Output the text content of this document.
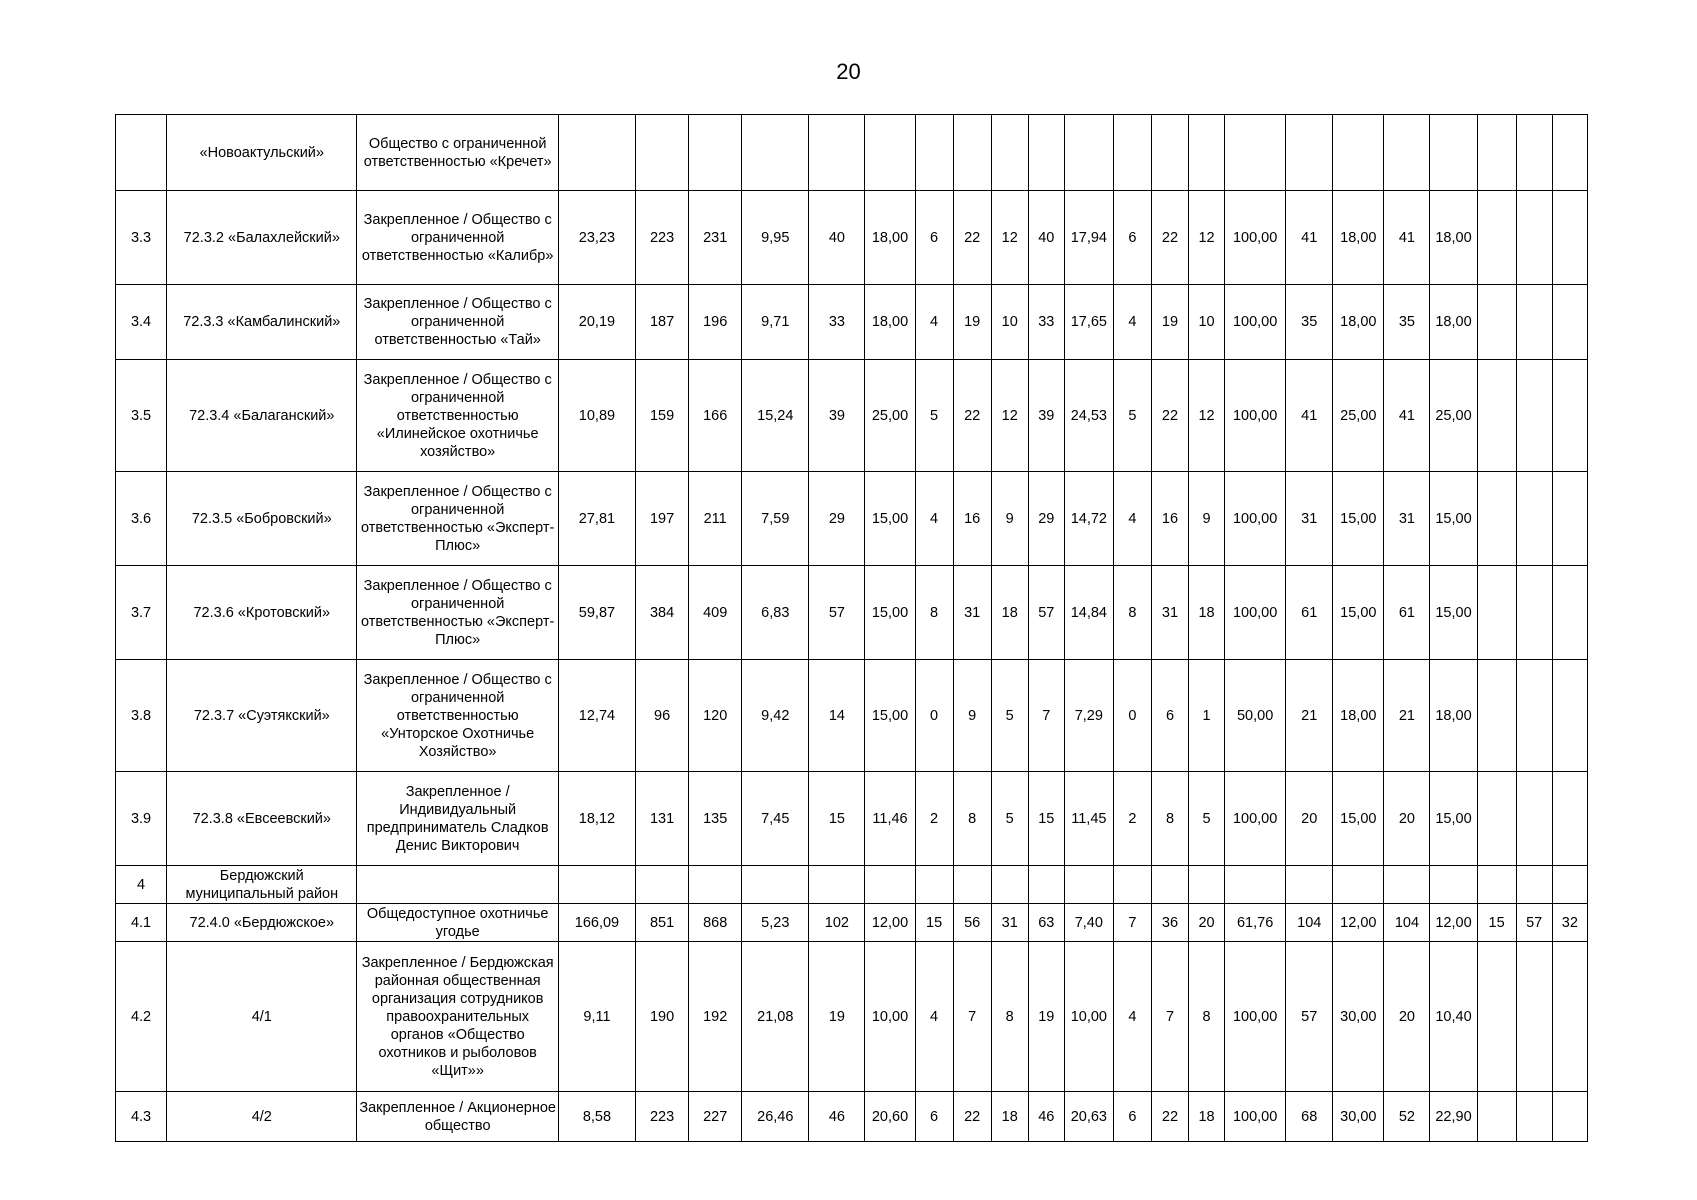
20
	«Новоактульский»	Общество с ограниченной ответственностью «Кречет»																						
3.3	72.3.2 «Балахлейский»	Закрепленное / Общество с ограниченной ответственностью «Калибр»	23,23	223	231	9,95	40	18,00	6	22	12	40	17,94	6	22	12	100,00	41	18,00	41	18,00			
3.4	72.3.3 «Камбалинский»	Закрепленное / Общество с ограниченной ответственностью «Тай»	20,19	187	196	9,71	33	18,00	4	19	10	33	17,65	4	19	10	100,00	35	18,00	35	18,00			
3.5	72.3.4 «Балаганский»	Закрепленное / Общество с ограниченной ответственностью «Илинейское охотничье хозяйство»	10,89	159	166	15,24	39	25,00	5	22	12	39	24,53	5	22	12	100,00	41	25,00	41	25,00			
3.6	72.3.5 «Бобровский»	Закрепленное / Общество с ограниченной ответственностью «Эксперт-Плюс»	27,81	197	211	7,59	29	15,00	4	16	9	29	14,72	4	16	9	100,00	31	15,00	31	15,00			
3.7	72.3.6 «Кротовский»	Закрепленное / Общество с ограниченной ответственностью «Эксперт-Плюс»	59,87	384	409	6,83	57	15,00	8	31	18	57	14,84	8	31	18	100,00	61	15,00	61	15,00			
3.8	72.3.7 «Суэтякский»	Закрепленное / Общество с ограниченной ответственностью «Унторское Охотничье Хозяйство»	12,74	96	120	9,42	14	15,00	0	9	5	7	7,29	0	6	1	50,00	21	18,00	21	18,00			
3.9	72.3.8 «Евсеевский»	Закрепленное / Индивидуальный предприниматель Сладков Денис Викторович	18,12	131	135	7,45	15	11,46	2	8	5	15	11,45	2	8	5	100,00	20	15,00	20	15,00			
4	Бердюжский муниципальный район																							
4.1	72.4.0 «Бердюжское»	Общедоступное охотничье угодье	166,09	851	868	5,23	102	12,00	15	56	31	63	7,40	7	36	20	61,76	104	12,00	104	12,00	15	57	32
4.2	4/1	Закрепленное / Бердюжская районная общественная организация сотрудников правоохранительных органов «Общество охотников и рыболовов «Щит»»	9,11	190	192	21,08	19	10,00	4	7	8	19	10,00	4	7	8	100,00	57	30,00	20	10,40			
4.3	4/2	Закрепленное / Акционерное общество	8,58	223	227	26,46	46	20,60	6	22	18	46	20,63	6	22	18	100,00	68	30,00	52	22,90			
